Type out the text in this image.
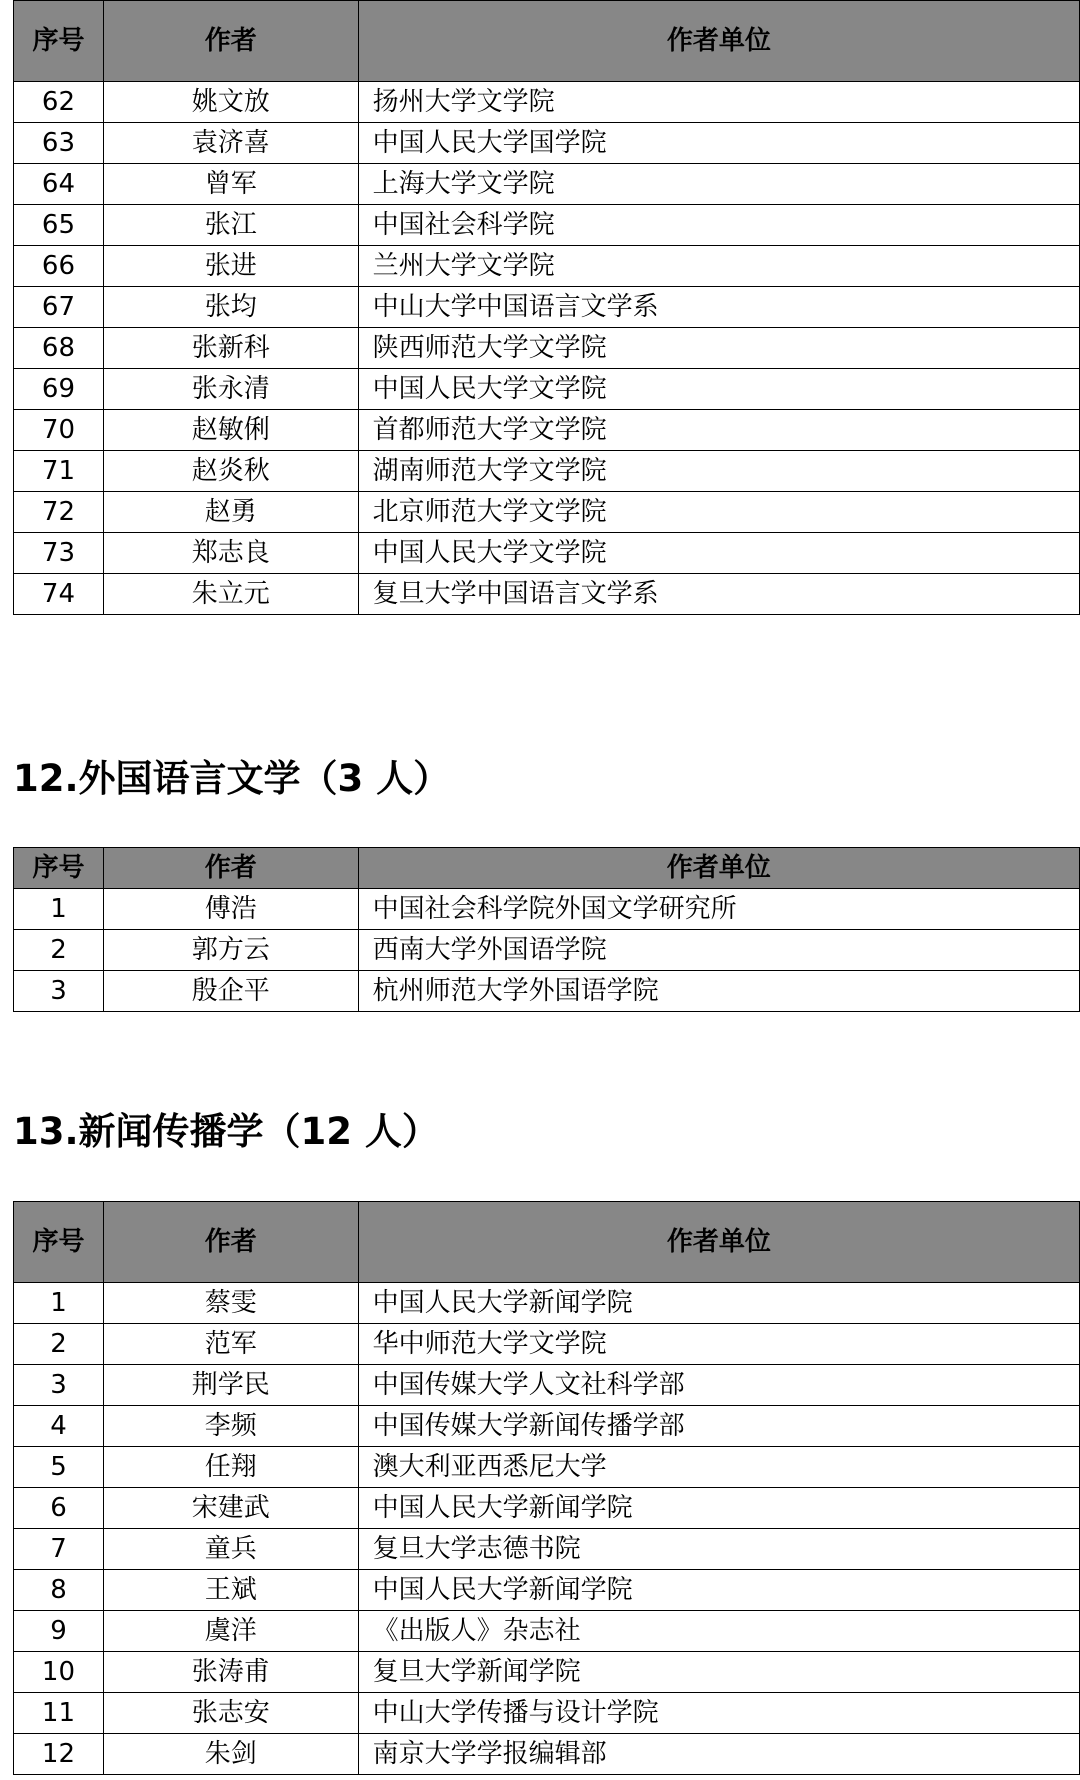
序号	作者	作者单位
62	姚文放	扬州大学文学院
63	袁济喜	中国人民大学国学院
64	曾军	上海大学文学院
65	张江	中国社会科学院
66	张进	兰州大学文学院
67	张均	中山大学中国语言文学系
68	张新科	陕西师范大学文学院
69	张永清	中国人民大学文学院
70	赵敏俐	首都师范大学文学院
71	赵炎秋	湖南师范大学文学院
72	赵勇	北京师范大学文学院
73	郑志良	中国人民大学文学院
74	朱立元	复旦大学中国语言文学系
12.外国语言文学（3 人）
序号	作者	作者单位
1	傅浩	中国社会科学院外国文学研究所
2	郭方云	西南大学外国语学院
3	殷企平	杭州师范大学外国语学院
13.新闻传播学（12 人）
序号	作者	作者单位
1	蔡雯	中国人民大学新闻学院
2	范军	华中师范大学文学院
3	荆学民	中国传媒大学人文社科学部
4	李频	中国传媒大学新闻传播学部
5	任翔	澳大利亚西悉尼大学
6	宋建武	中国人民大学新闻学院
7	童兵	复旦大学志德书院
8	王斌	中国人民大学新闻学院
9	虞洋	《出版人》杂志社
10	张涛甫	复旦大学新闻学院
11	张志安	中山大学传播与设计学院
12	朱剑	南京大学学报编辑部
